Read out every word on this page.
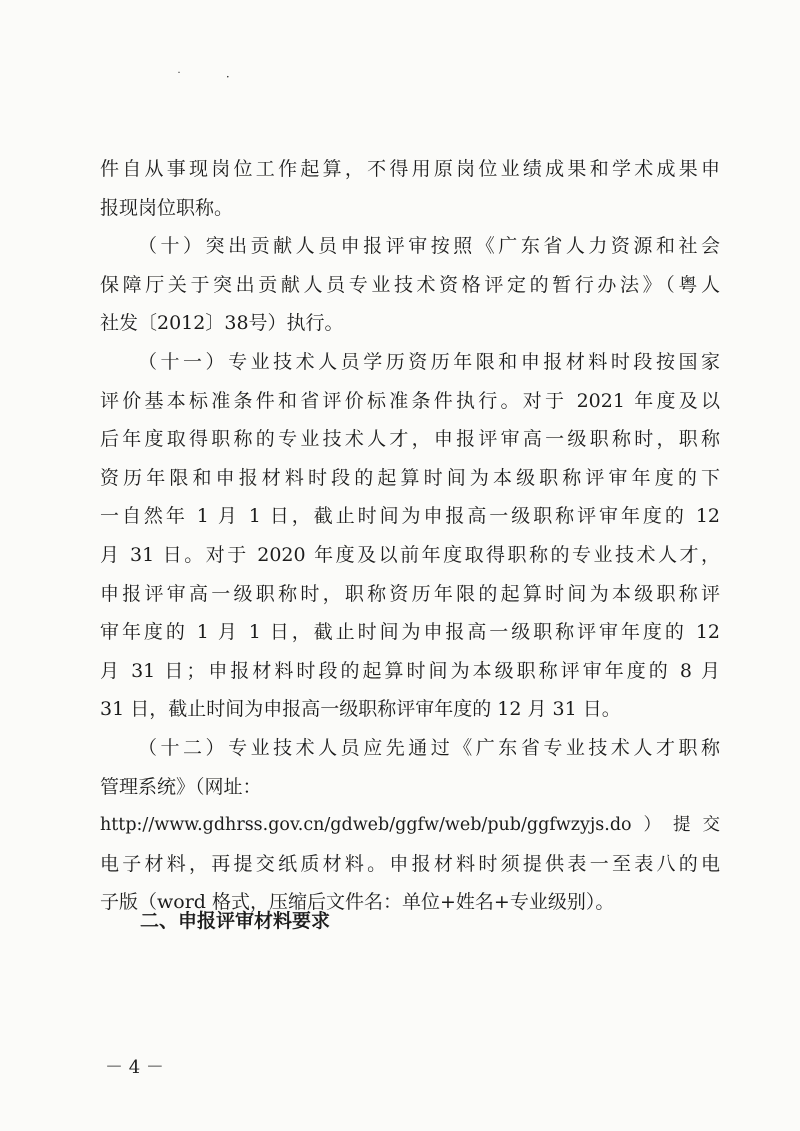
˙ ·
件自从事现岗位工作起算，不得用原岗位业绩成果和学术成果申
报现岗位职称。
（十）突出贡献人员申报评审按照《广东省人力资源和社会
保障厅关于突出贡献人员专业技术资格评定的暂行办法》（粤人
社发〔2012〕38号）执行。
（十一）专业技术人员学历资历年限和申报材料时段按国家
评价基本标准条件和省评价标准条件执行。对于 2021 年度及以
后年度取得职称的专业技术人才，申报评审高一级职称时，职称
资历年限和申报材料时段的起算时间为本级职称评审年度的下
一自然年 1 月 1 日，截止时间为申报高一级职称评审年度的 12
月 31 日。对于 2020 年度及以前年度取得职称的专业技术人才，
申报评审高一级职称时，职称资历年限的起算时间为本级职称评
审年度的 1 月 1 日，截止时间为申报高一级职称评审年度的 12
月 31 日；申报材料时段的起算时间为本级职称评审年度的 8 月
31 日，截止时间为申报高一级职称评审年度的 12 月 31 日。
（十二）专业技术人员应先通过《广东省专业技术人才职称
管理系统》（网址：
http://www.gdhrss.gov.cn/gdweb/ggfw/web/pub/ggfwzyjs.do）提交
电子材料，再提交纸质材料。申报材料时须提供表一至表八的电
子版（word 格式，压缩后文件名：单位+姓名+专业级别）。
二、申报评审材料要求
－ 4 －
